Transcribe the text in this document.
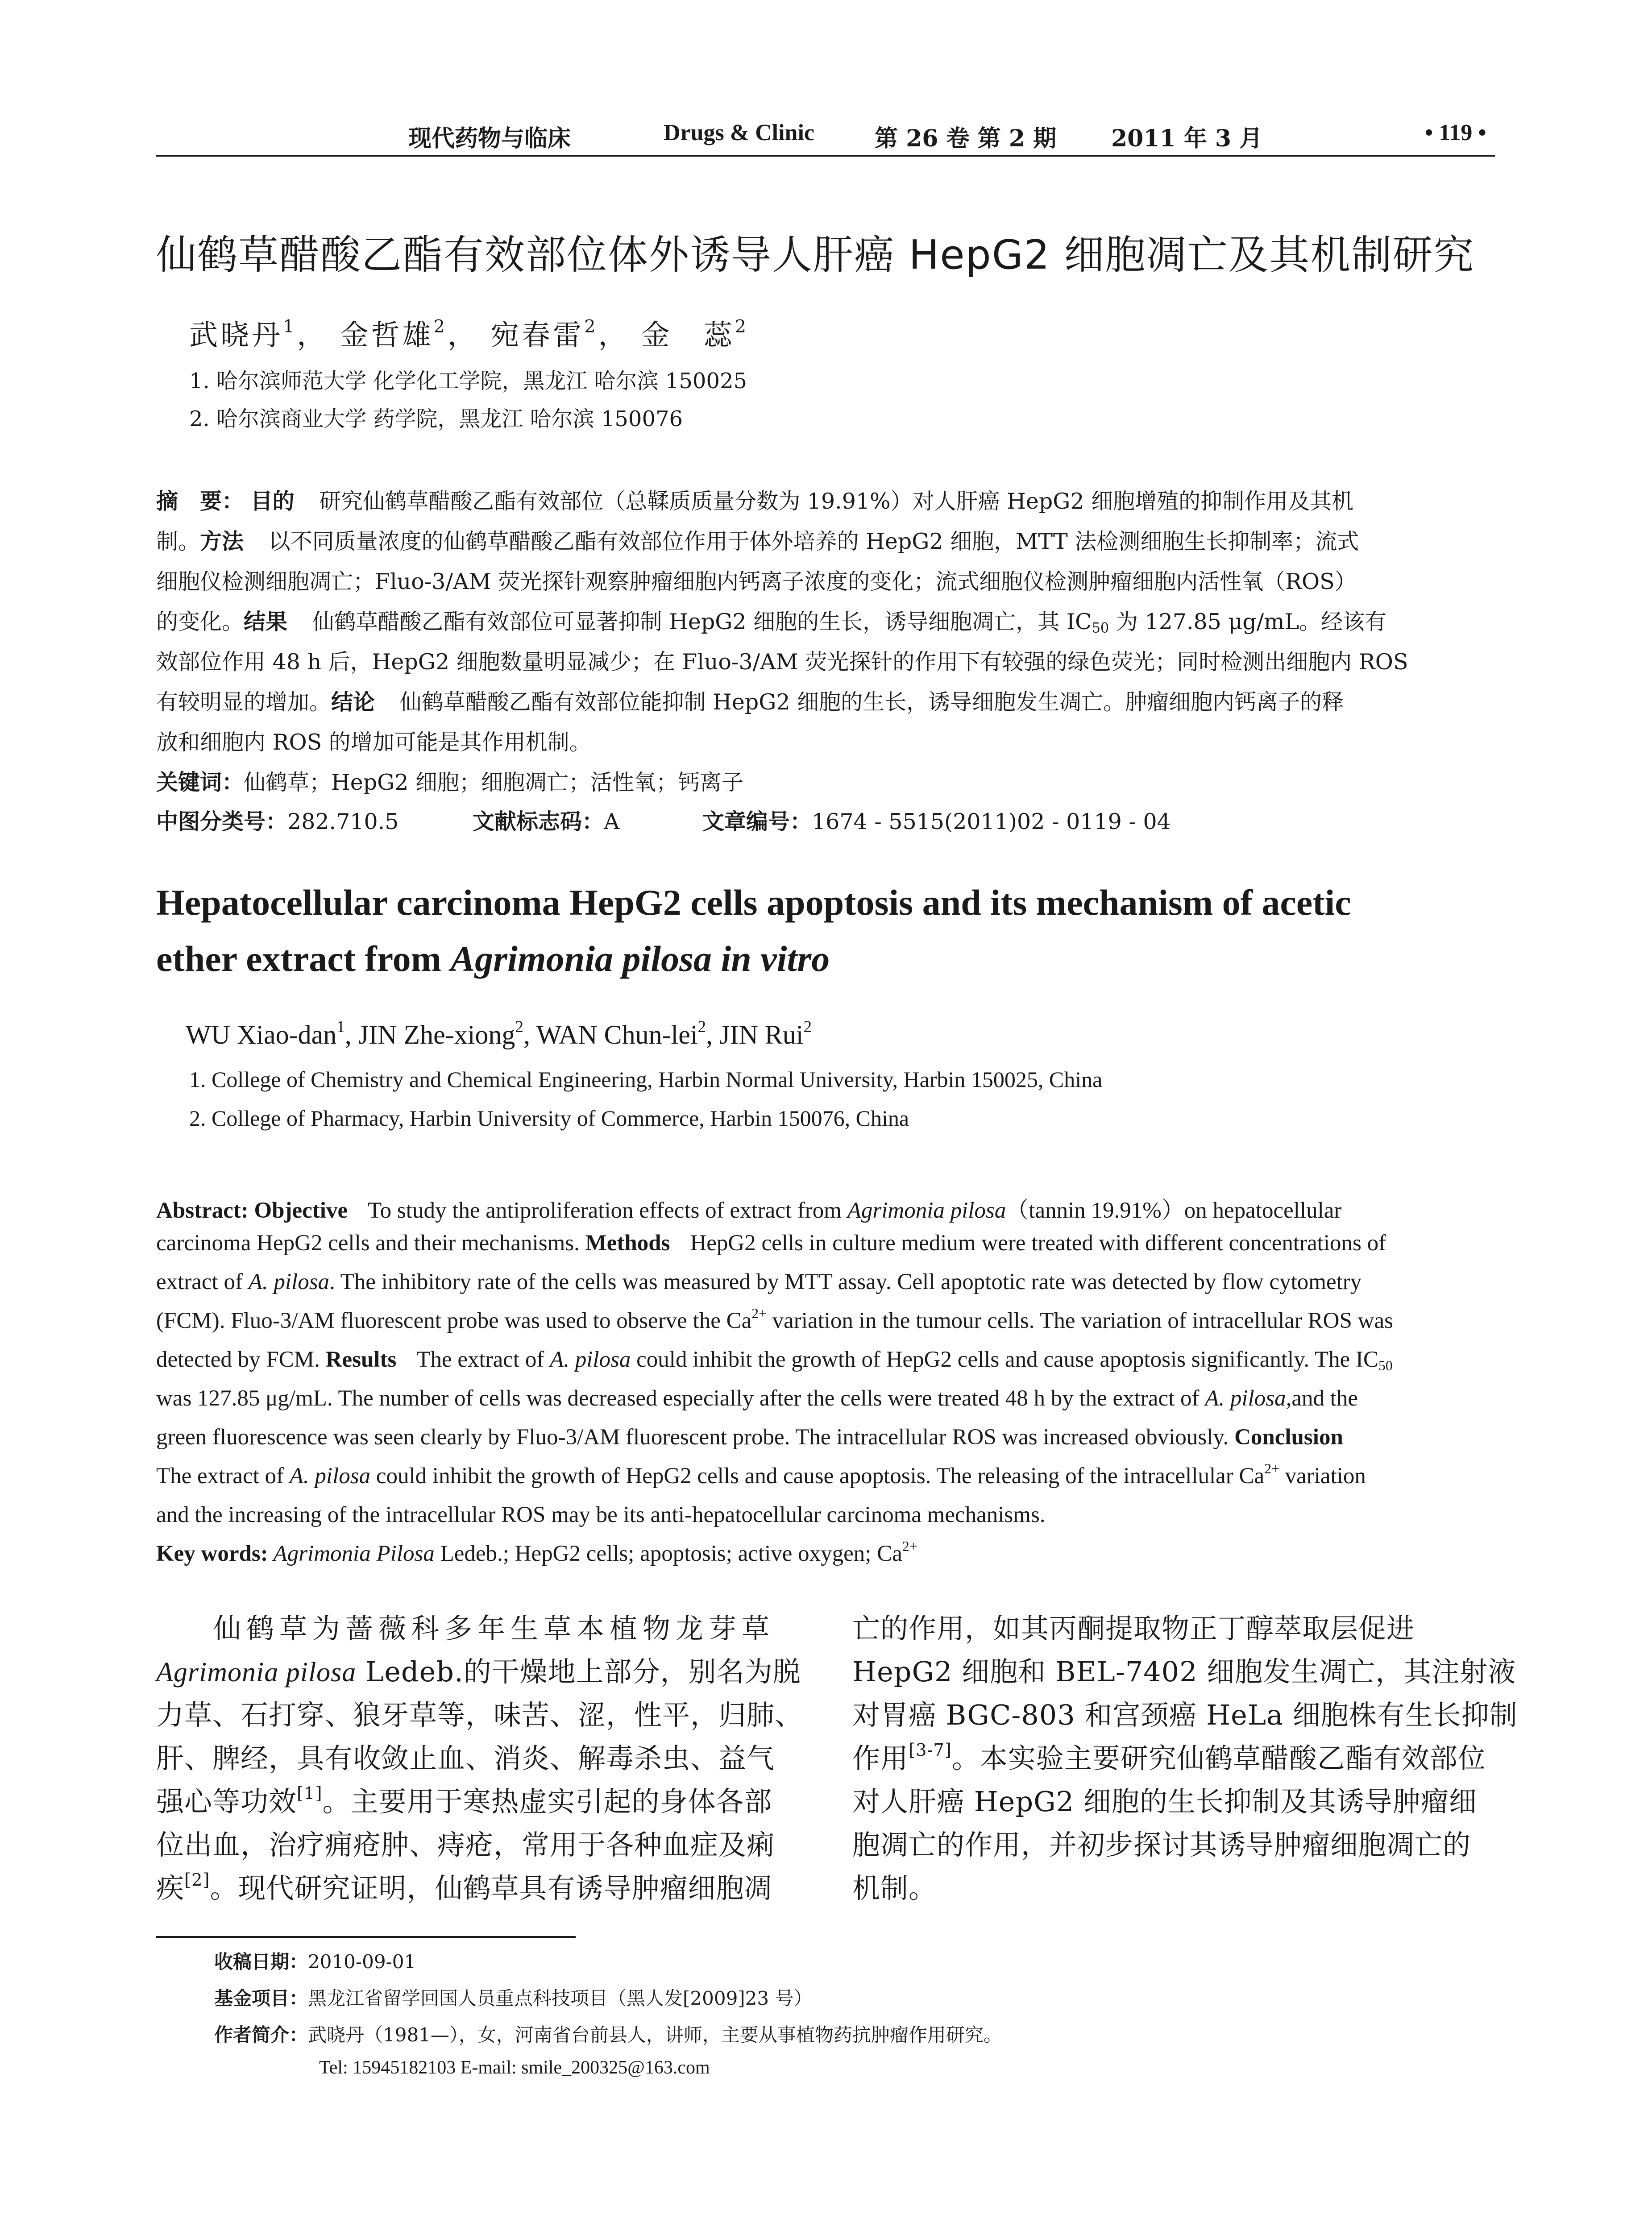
现代药物与临床	Drugs & Clinic	第 26 卷 第 2 期 2011 年 3 月	• 119 •
仙鹤草醋酸乙酯有效部位体外诱导人肝癌 HepG2 细胞凋亡及其机制研究
武晓丹$^1$， 金哲雄$^2$， 宛春雷$^2$， 金　蕊$^2$
1. 哈尔滨师范大学 化学化工学院，黑龙江 哈尔滨 150025
2. 哈尔滨商业大学 药学院，黑龙江 哈尔滨 150076
摘　要： 目的 研究仙鹤草醋酸乙酯有效部位（总鞣质质量分数为 19.91%）对人肝癌 HepG2 细胞增殖的抑制作用及其机
制。方法 以不同质量浓度的仙鹤草醋酸乙酯有效部位作用于体外培养的 HepG2 细胞，MTT 法检测细胞生长抑制率；流式
细胞仪检测细胞凋亡；Fluo-3/AM 荧光探针观察肿瘤细胞内钙离子浓度的变化；流式细胞仪检测肿瘤细胞内活性氧（ROS）
的变化。结果 仙鹤草醋酸乙酯有效部位可显著抑制 HepG2 细胞的生长，诱导细胞凋亡，其 $IC_{50}$ 为 127.85 μg/mL。经该有
效部位作用 48 h 后，HepG2 细胞数量明显减少；在 Fluo-3/AM 荧光探针的作用下有较强的绿色荧光；同时检测出细胞内 ROS
有较明显的增加。结论 仙鹤草醋酸乙酯有效部位能抑制 HepG2 细胞的生长，诱导细胞发生凋亡。肿瘤细胞内钙离子的释
放和细胞内 ROS 的增加可能是其作用机制。
关键词：仙鹤草；HepG2 细胞；细胞凋亡；活性氧；钙离子
中图分类号：282.710.5	文献标志码：A	文章编号：1674 - 5515(2011)02 - 0119 - 04
Hepatocellular carcinoma HepG2 cells apoptosis and its mechanism of acetic
ether extract from Agrimonia pilosa in vitro
WU Xiao-dan$^1$, JIN Zhe-xiong$^2$, WAN Chun-lei$^2$, JIN Rui$^2$
1. College of Chemistry and Chemical Engineering, Harbin Normal University, Harbin 150025, China
2. College of Pharmacy, Harbin University of Commerce, Harbin 150076, China
Abstract: Objective To study the antiproliferation effects of extract from Agrimonia pilosa（tannin 19.91%）on hepatocellular
carcinoma HepG2 cells and their mechanisms. Methods HepG2 cells in culture medium were treated with different concentrations of
extract of A. pilosa. The inhibitory rate of the cells was measured by MTT assay. Cell apoptotic rate was detected by flow cytometry
(FCM). Fluo-3/AM fluorescent probe was used to observe the $Ca^{2+}$ variation in the tumour cells. The variation of intracellular ROS was
detected by FCM. Results The extract of A. pilosa could inhibit the growth of HepG2 cells and cause apoptosis significantly. The $IC_{50}$
was 127.85 μg/mL. The number of cells was decreased especially after the cells were treated 48 h by the extract of A. pilosa,and the
green fluorescence was seen clearly by Fluo-3/AM fluorescent probe. The intracellular ROS was increased obviously. Conclusion
The extract of A. pilosa could inhibit the growth of HepG2 cells and cause apoptosis. The releasing of the intracellular $Ca^{2+}$ variation
and the increasing of the intracellular ROS may be its anti-hepatocellular carcinoma mechanisms.
Key words: Agrimonia Pilosa Ledeb.; HepG2 cells; apoptosis; active oxygen; $Ca^{2+}$
仙鹤草为蔷薇科多年生草本植物龙芽草
Agrimonia pilosa Ledeb.的干燥地上部分，别名为脱
力草、石打穿、狼牙草等，味苦、涩，性平，归肺、
肝、脾经，具有收敛止血、消炎、解毒杀虫、益气
强心等功效[1]。主要用于寒热虚实引起的身体各部
位出血，治疗痈疮肿、痔疮，常用于各种血症及痢
疾[2]。现代研究证明，仙鹤草具有诱导肿瘤细胞凋
亡的作用，如其丙酮提取物正丁醇萃取层促进
HepG2 细胞和 BEL-7402 细胞发生凋亡，其注射液
对胃癌 BGC-803 和宫颈癌 HeLa 细胞株有生长抑制
作用[3-7]。本实验主要研究仙鹤草醋酸乙酯有效部位
对人肝癌 HepG2 细胞的生长抑制及其诱导肿瘤细
胞凋亡的作用，并初步探讨其诱导肿瘤细胞凋亡的
机制。
收稿日期：2010-09-01
基金项目：黑龙江省留学回国人员重点科技项目（黑人发[2009]23 号）
作者简介：武晓丹（1981—），女，河南省台前县人，讲师，主要从事植物药抗肿瘤作用研究。
Tel: 15945182103 E-mail: smile_200325@163.com
